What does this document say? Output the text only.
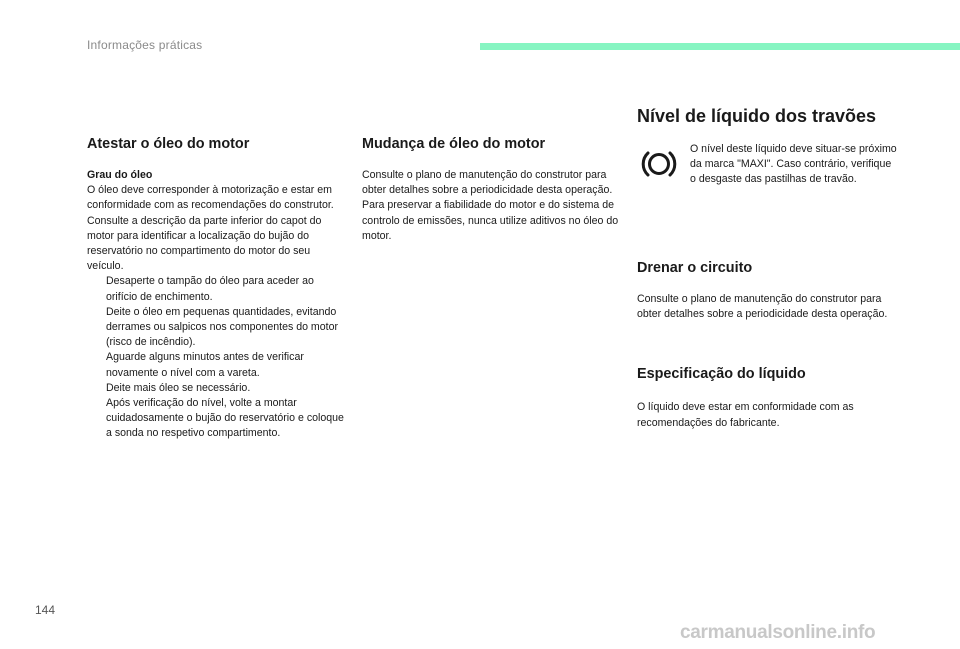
Informações práticas
Atestar o óleo do motor

Grau do óleo

O óleo deve corresponder à motorização e estar em conformidade com as recomendações do construtor.

Consulte a descrição da parte inferior do capot do motor para identificar a localização do bujão do reservatório no compartimento do motor do seu veículo.

Desaperte o tampão do óleo para aceder ao orifício de enchimento.
Deite o óleo em pequenas quantidades, evitando derrames ou salpicos nos componentes do motor (risco de incêndio).
Aguarde alguns minutos antes de verificar novamente o nível com a vareta.
Deite mais óleo se necessário.
Após verificação do nível, volte a montar cuidadosamente o bujão do reservatório e coloque a sonda no respetivo compartimento.
Mudança de óleo do motor

Consulte o plano de manutenção do construtor para obter detalhes sobre a periodicidade desta operação.

Para preservar a fiabilidade do motor e do sistema de controlo de emissões, nunca utilize aditivos no óleo do motor.

Nível de líquido dos travões

O nível deste líquido deve situar-se próximo da marca "MAXI". Caso contrário, verifique o desgaste das pastilhas de travão.

Drenar o circuito

Consulte o plano de manutenção do construtor para obter detalhes sobre a periodicidade desta operação.

Especificação do líquido

O líquido deve estar em conformidade com as recomendações do fabricante.

144
carmanualsonline.info
